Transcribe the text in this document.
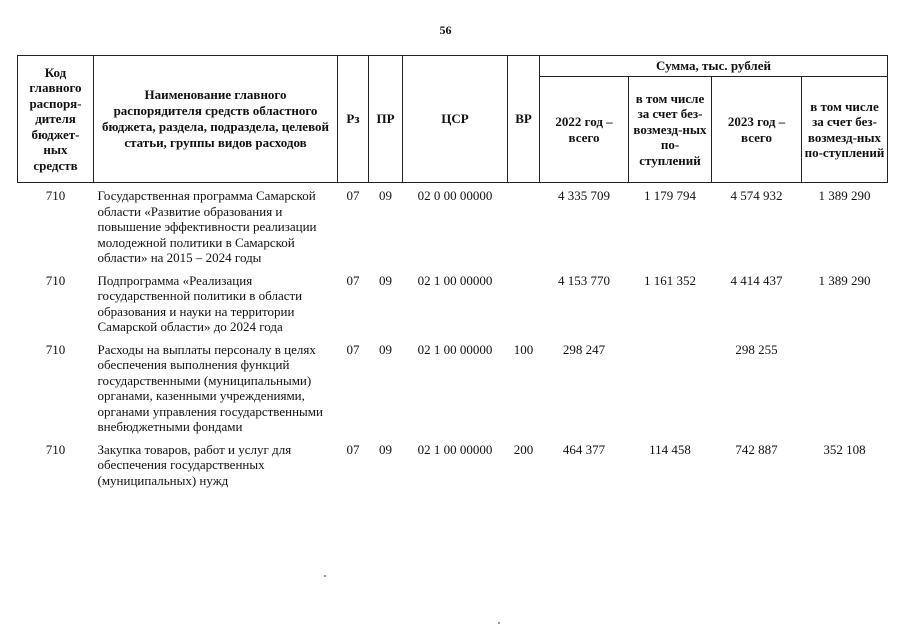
56
Код главного распоря-дителя бюджет-ных средств	Наименование главного распорядителя средств областного бюджета, раздела, подраздела, целевой статьи, группы видов расходов	Рз	ПР	ЦСР	ВР	Сумма, тыс. рублей			
						2022 год – всего	в том числе за счет без-возмезд-ных по-ступлений	2023 год – всего	в том числе за счет без-возмезд-ных по-ступлений
710	Государственная программа Самарской области «Развитие образования и повышение эффективности реализации молодежной политики в Самарской области» на 2015 – 2024 годы	07	09	02 0 00 00000		4 335 709	1 179 794	4 574 932	1 389 290
710	Подпрограмма «Реализация государственной политики в области образования и науки на территории Самарской области» до 2024 года	07	09	02 1 00 00000		4 153 770	1 161 352	4 414 437	1 389 290
710	Расходы на выплаты персоналу в целях обеспечения выполнения функций государственными (муниципальными) органами, казенными учреждениями, органами управления государственными внебюджетными фондами	07	09	02 1 00 00000	100	298 247		298 255	
710	Закупка товаров, работ и услуг для обеспечения государственных (муниципальных) нужд	07	09	02 1 00 00000	200	464 377	114 458	742 887	352 108
